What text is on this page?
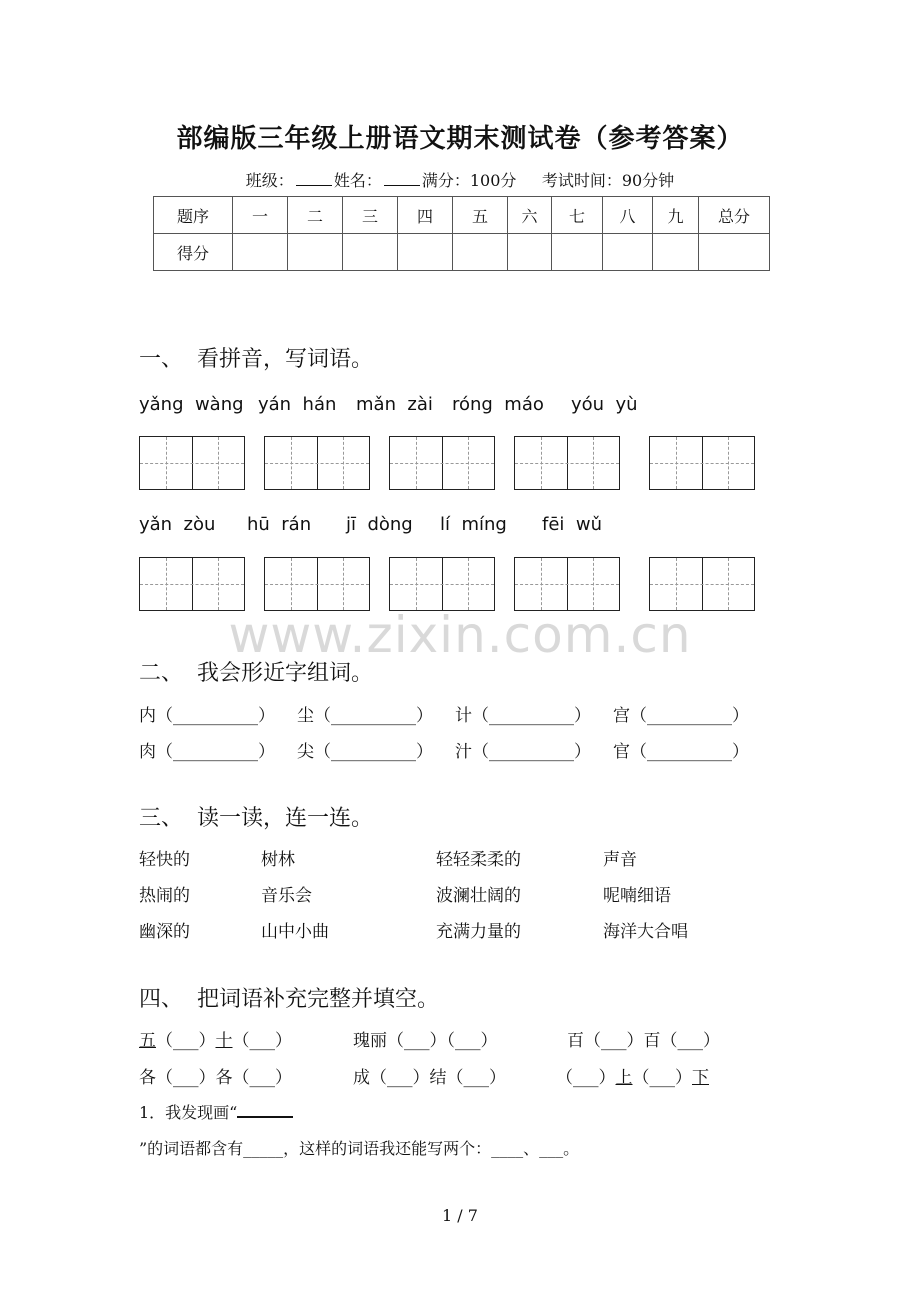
部编版三年级上册语文期末测试卷（参考答案）
班级：	姓名：	满分：100分 考试时间：90分钟
题序	一	二	三	四	五	六	七	八	九	总分
得分										
一、  看拼音，写词语。
yǎng  wàng yán  hán mǎn  zài róng  máo yóu  yù
yǎn  zòu hū  rán jī  dòng lí  míng fēi  wǔ
www.zixin.com.cn
二、  我会形近字组词。
内（__________） 尘（__________） 计（__________） 宫（__________）
肉（__________） 尖（__________） 汁（__________） 官（__________）
三、  读一读，连一连。
轻快的	树林	轻轻柔柔的	声音
热闹的	音乐会	波澜壮阔的	呢喃细语
幽深的	山中小曲	充满力量的	海洋大合唱
四、  把词语补充完整并填空。
五（___）十（___）	瑰丽（___）（___）	百（___）百（___）
各（___）各（___）	成（___）结（___）	（___）上（___）下
1．我发现画“
”的词语都含有_____，这样的词语我还能写两个：____、___。
1 / 7
